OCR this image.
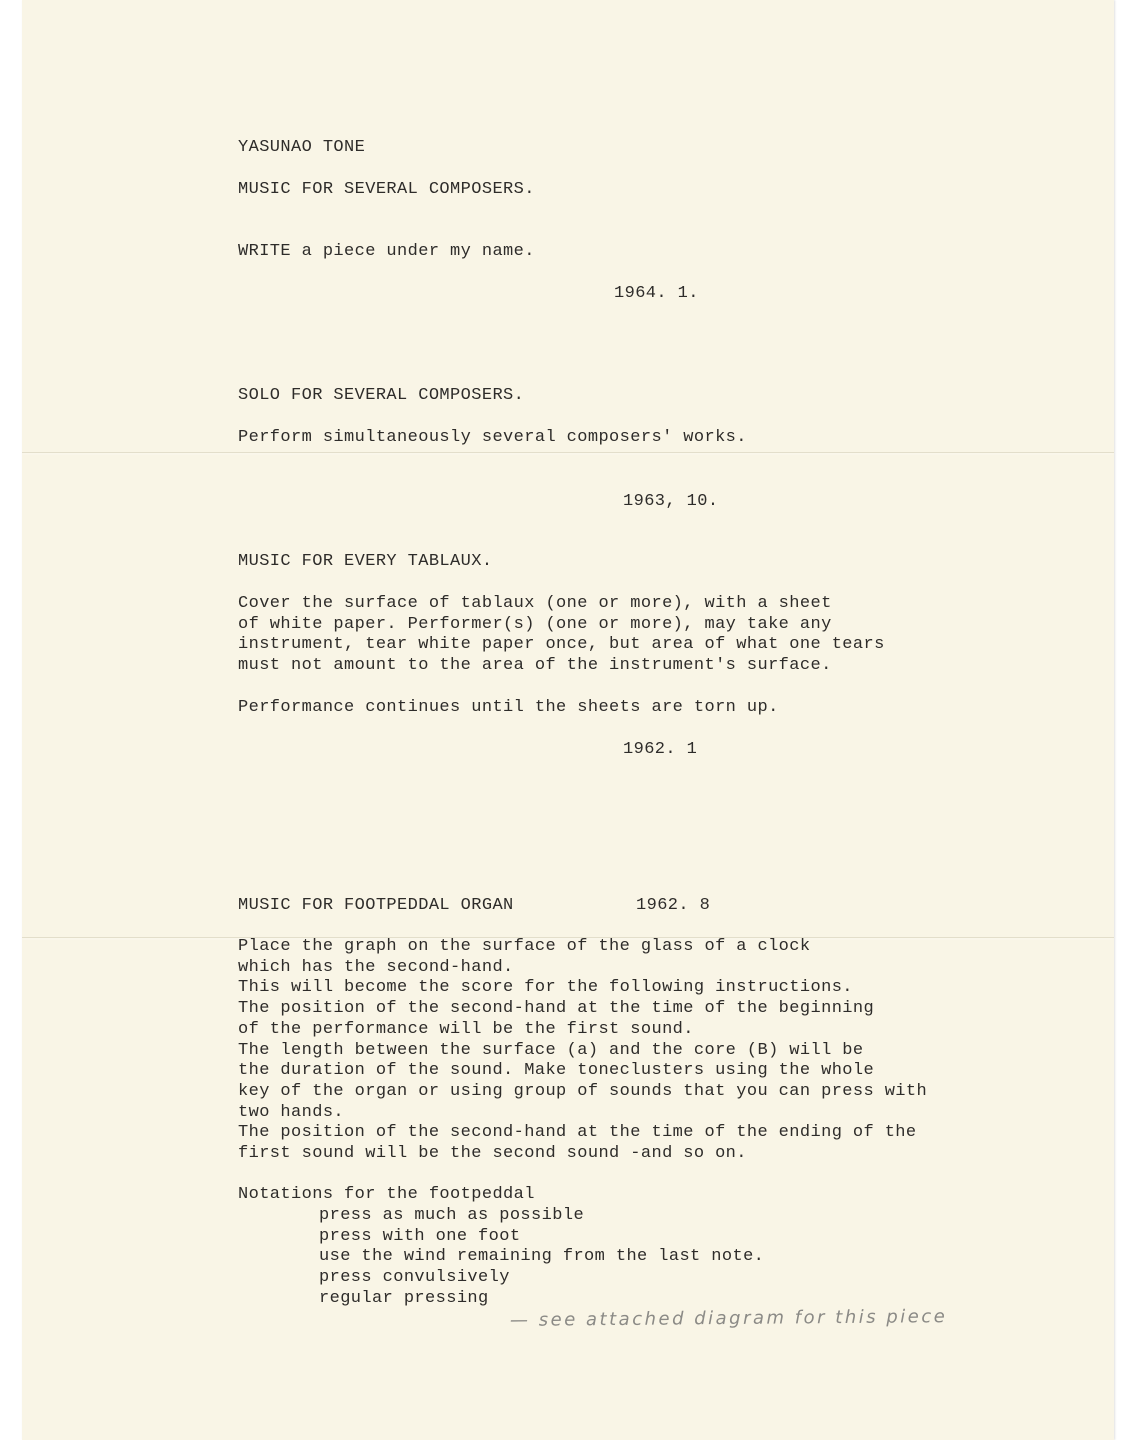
YASUNAO TONE

MUSIC FOR SEVERAL COMPOSERS.

WRITE a piece under my name.

1964. 1.

SOLO FOR SEVERAL COMPOSERS.

Perform simultaneously several composers' works.

1963, 10.

MUSIC FOR EVERY TABLAUX.

Cover the surface of tablaux (one or more), with a sheet
of white paper. Performer(s) (one or more), may take any
instrument, tear white paper once, but area of what one tears
must not amount to the area of the instrument's surface.

Performance continues until the sheets are torn up.

1962. 1

MUSIC FOR FOOTPEDDAL ORGAN	1962. 8

Place the graph on the surface of the glass of a clock
which has the second-hand.
This will become the score for the following instructions.
The position of the second-hand at the time of the beginning
of the performance will be the first sound.
The length between the surface (a) and the core (B) will be
the duration of the sound. Make toneclusters using the whole
key of the organ or using group of sounds that you can press with
two hands.
The position of the second-hand at the time of the ending of the
first sound will be the second sound -and so on.

Notations for the footpeddal

press as much as possible
press with one foot
use the wind remaining from the last note.
press convulsively
regular pressing
— see attached diagram for this piece
